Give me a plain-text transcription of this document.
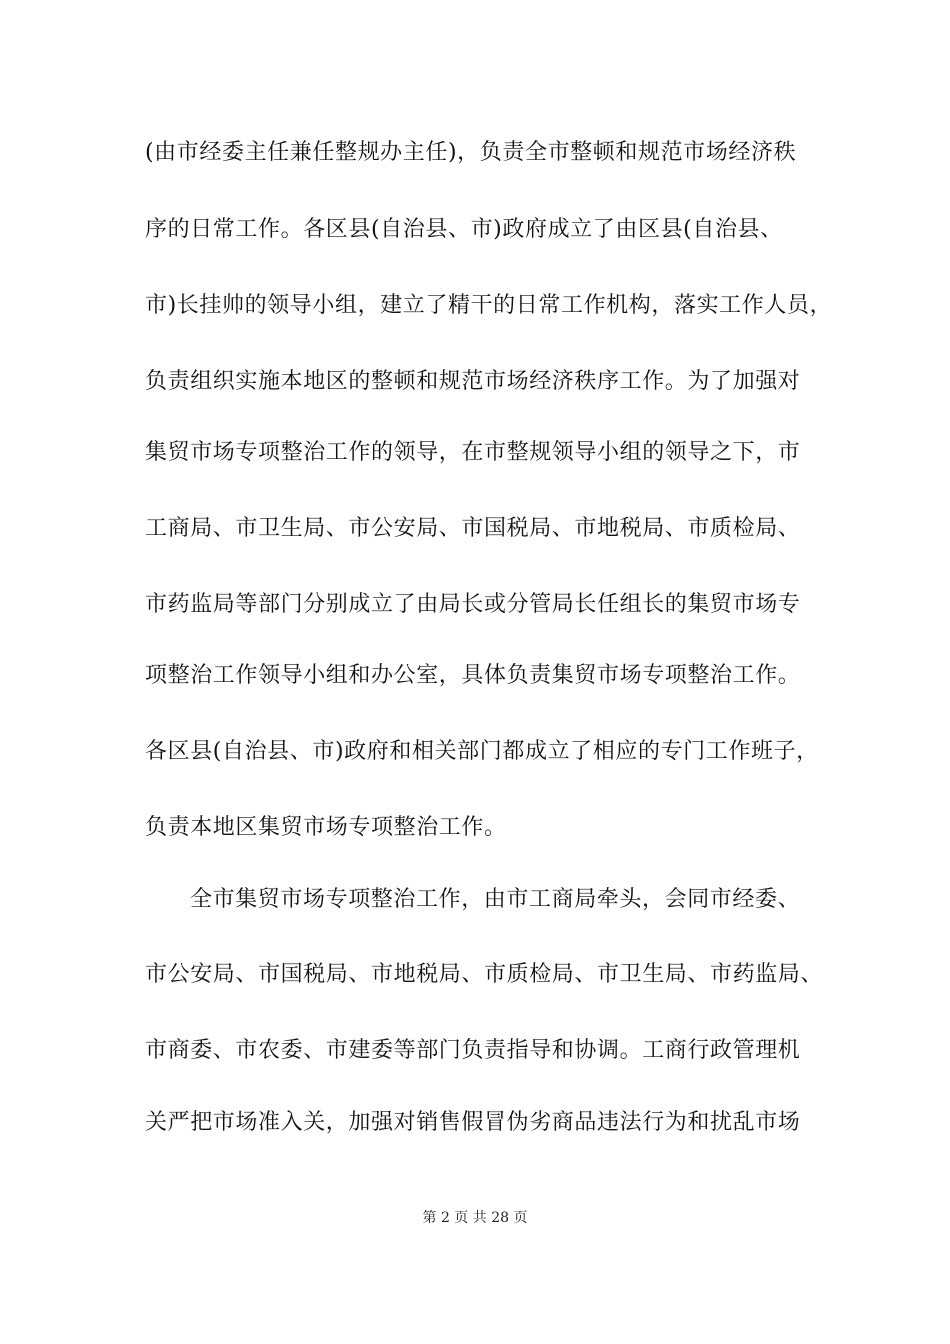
(由市经委主任兼任整规办主任)，负责全市整顿和规范市场经济秩
序的日常工作。各区县(自治县、市)政府成立了由区县(自治县、
市)长挂帅的领导小组，建立了精干的日常工作机构，落实工作人员，
负责组织实施本地区的整顿和规范市场经济秩序工作。为了加强对
集贸市场专项整治工作的领导，在市整规领导小组的领导之下，市
工商局、市卫生局、市公安局、市国税局、市地税局、市质检局、
市药监局等部门分别成立了由局长或分管局长任组长的集贸市场专
项整治工作领导小组和办公室，具体负责集贸市场专项整治工作。
各区县(自治县、市)政府和相关部门都成立了相应的专门工作班子，
负责本地区集贸市场专项整治工作。
全市集贸市场专项整治工作，由市工商局牵头，会同市经委、
市公安局、市国税局、市地税局、市质检局、市卫生局、市药监局、
市商委、市农委、市建委等部门负责指导和协调。工商行政管理机
关严把市场准入关，加强对销售假冒伪劣商品违法行为和扰乱市场
第 2 页 共 28 页
